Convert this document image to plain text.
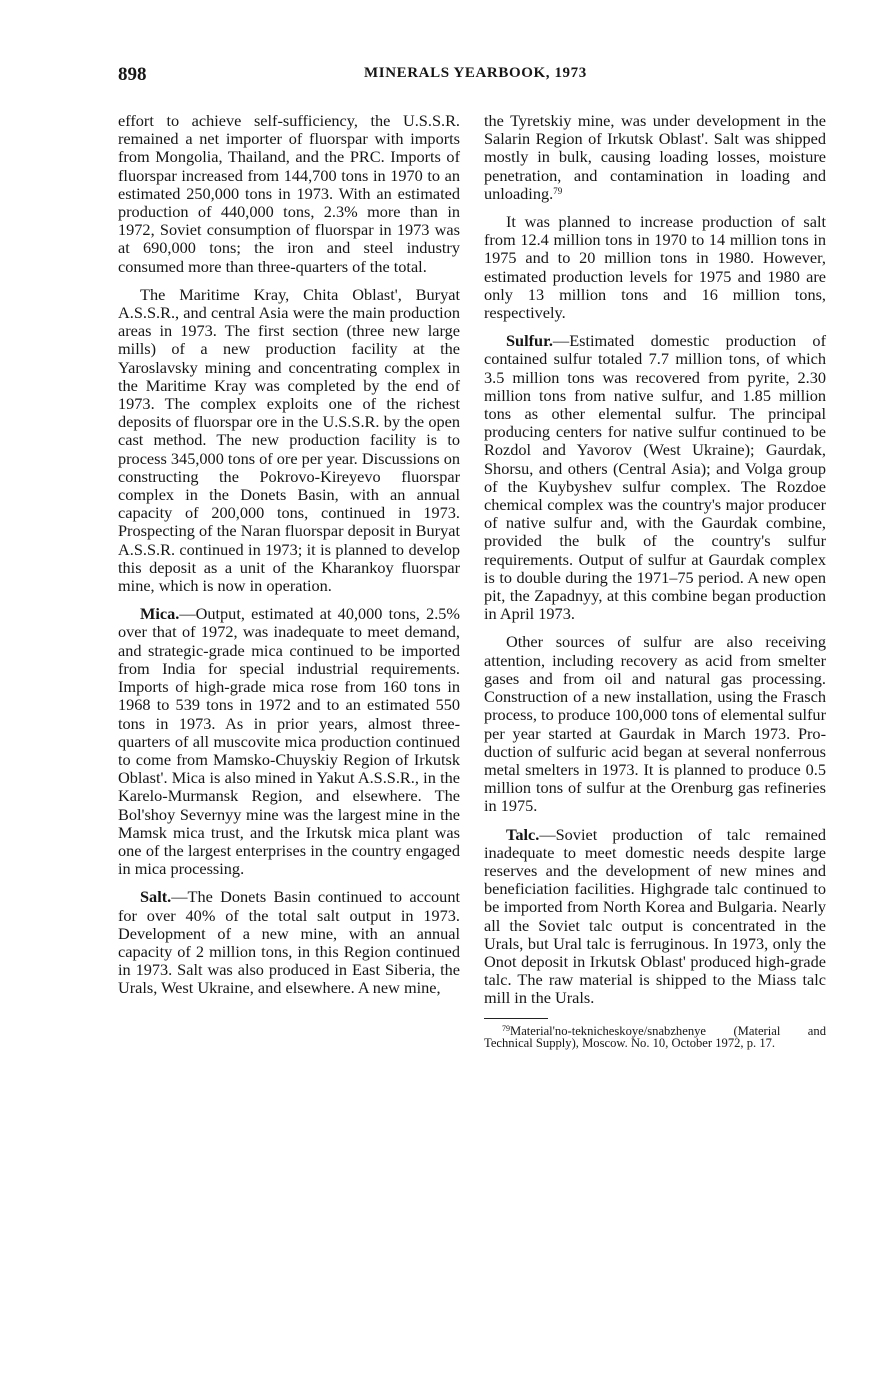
898	MINERALS YEARBOOK, 1973

effort to achieve self-sufficiency, the U.S.S.R. remained a net importer of fluorspar with imports from Mongolia, Thailand, and the PRC. Imports of fluorspar increased from 144,700 tons in 1970 to an estimated 250,000 tons in 1973. With an estimated production of 440,000 tons, 2.3% more than in 1972, Soviet consumption of fluorspar in 1973 was at 690,000 tons; the iron and steel industry consumed more than three-quarters of the total.

The Maritime Kray, Chita Oblast', Buryat A.S.S.R., and central Asia were the main production areas in 1973. The first section (three new large mills) of a new production facility at the Yaroslavsky mining and concentrating complex in the Maritime Kray was completed by the end of 1973. The complex exploits one of the richest deposits of fluorspar ore in the U.S.S.R. by the open cast method. The new production facility is to process 345,000 tons of ore per year. Discussions on constructing the Pokrovo-Kireyevo fluorspar complex in the Donets Basin, with an annual capacity of 200,000 tons, continued in 1973. Prospecting of the Naran fluorspar deposit in Buryat A.S.S.R. continued in 1973; it is planned to develop this deposit as a unit of the Kharankoy fluorspar mine, which is now in operation.

Mica.—Output, estimated at 40,000 tons, 2.5% over that of 1972, was inadequate to meet demand, and strategic-grade mica continued to be imported from India for special industrial requirements. Imports of high-grade mica rose from 160 tons in 1968 to 539 tons in 1972 and to an estimated 550 tons in 1973. As in prior years, almost three-quarters of all muscovite mica production continued to come from Mamsko-Chuyskiy Region of Irkutsk Oblast'. Mica is also mined in Yakut A.S.S.R., in the Karelo-Murmansk Region, and elsewhere. The Bol'shoy Severnyy mine was the largest mine in the Mamsk mica trust, and the Irkutsk mica plant was one of the largest enterprises in the country engaged in mica processing.

Salt.—The Donets Basin continued to account for over 40% of the total salt output in 1973. Development of a new mine, with an annual capacity of 2 million tons, in this Region continued in 1973. Salt was also produced in East Siberia, the Urals, West Ukraine, and elsewhere. A new mine,

the Tyretskiy mine, was under development in the Salarin Region of Irkutsk Oblast'. Salt was shipped mostly in bulk, causing loading losses, moisture penetration, and contamination in loading and unloading.$^{79}$

It was planned to increase production of salt from 12.4 million tons in 1970 to 14 million tons in 1975 and to 20 million tons in 1980. However, estimated production levels for 1975 and 1980 are only 13 million tons and 16 million tons, respectively.

Sulfur.—Estimated domestic production of contained sulfur totaled 7.7 million tons, of which 3.5 million tons was recovered from pyrite, 2.30 million tons from native sulfur, and 1.85 million tons as other elemental sulfur. The principal producing centers for native sulfur continued to be Rozdol and Yavorov (West Ukraine); Gaurdak, Shorsu, and others (Central Asia); and Volga group of the Kuybyshev sulfur complex. The Rozdoe chemical complex was the country's major producer of native sulfur and, with the Gaurdak combine, provided the bulk of the country's sulfur requirements. Output of sulfur at Gaurdak complex is to double during the 1971–75 period. A new open pit, the Zapadnyy, at this combine began production in April 1973.

Other sources of sulfur are also receiving attention, including recovery as acid from smelter gases and from oil and natural gas processing. Construction of a new installation, using the Frasch process, to produce 100,000 tons of elemental sulfur per year started at Gaurdak in March 1973. Production of sulfuric acid began at several nonferrous metal smelters in 1973. It is planned to produce 0.5 million tons of sulfur at the Orenburg gas refineries in 1975.

Talc.—Soviet production of talc remained inadequate to meet domestic needs despite large reserves and the development of new mines and beneficiation facilities. Highgrade talc continued to be imported from North Korea and Bulgaria. Nearly all the Soviet talc output is concentrated in the Urals, but Ural talc is ferruginous. In 1973, only the Onot deposit in Irkutsk Oblast' produced high-grade talc. The raw material is shipped to the Miass talc mill in the Urals.

$^{79}$Material'no-teknicheskoye/snabzhenye (Material and Technical Supply), Moscow. No. 10, October 1972, p. 17.
